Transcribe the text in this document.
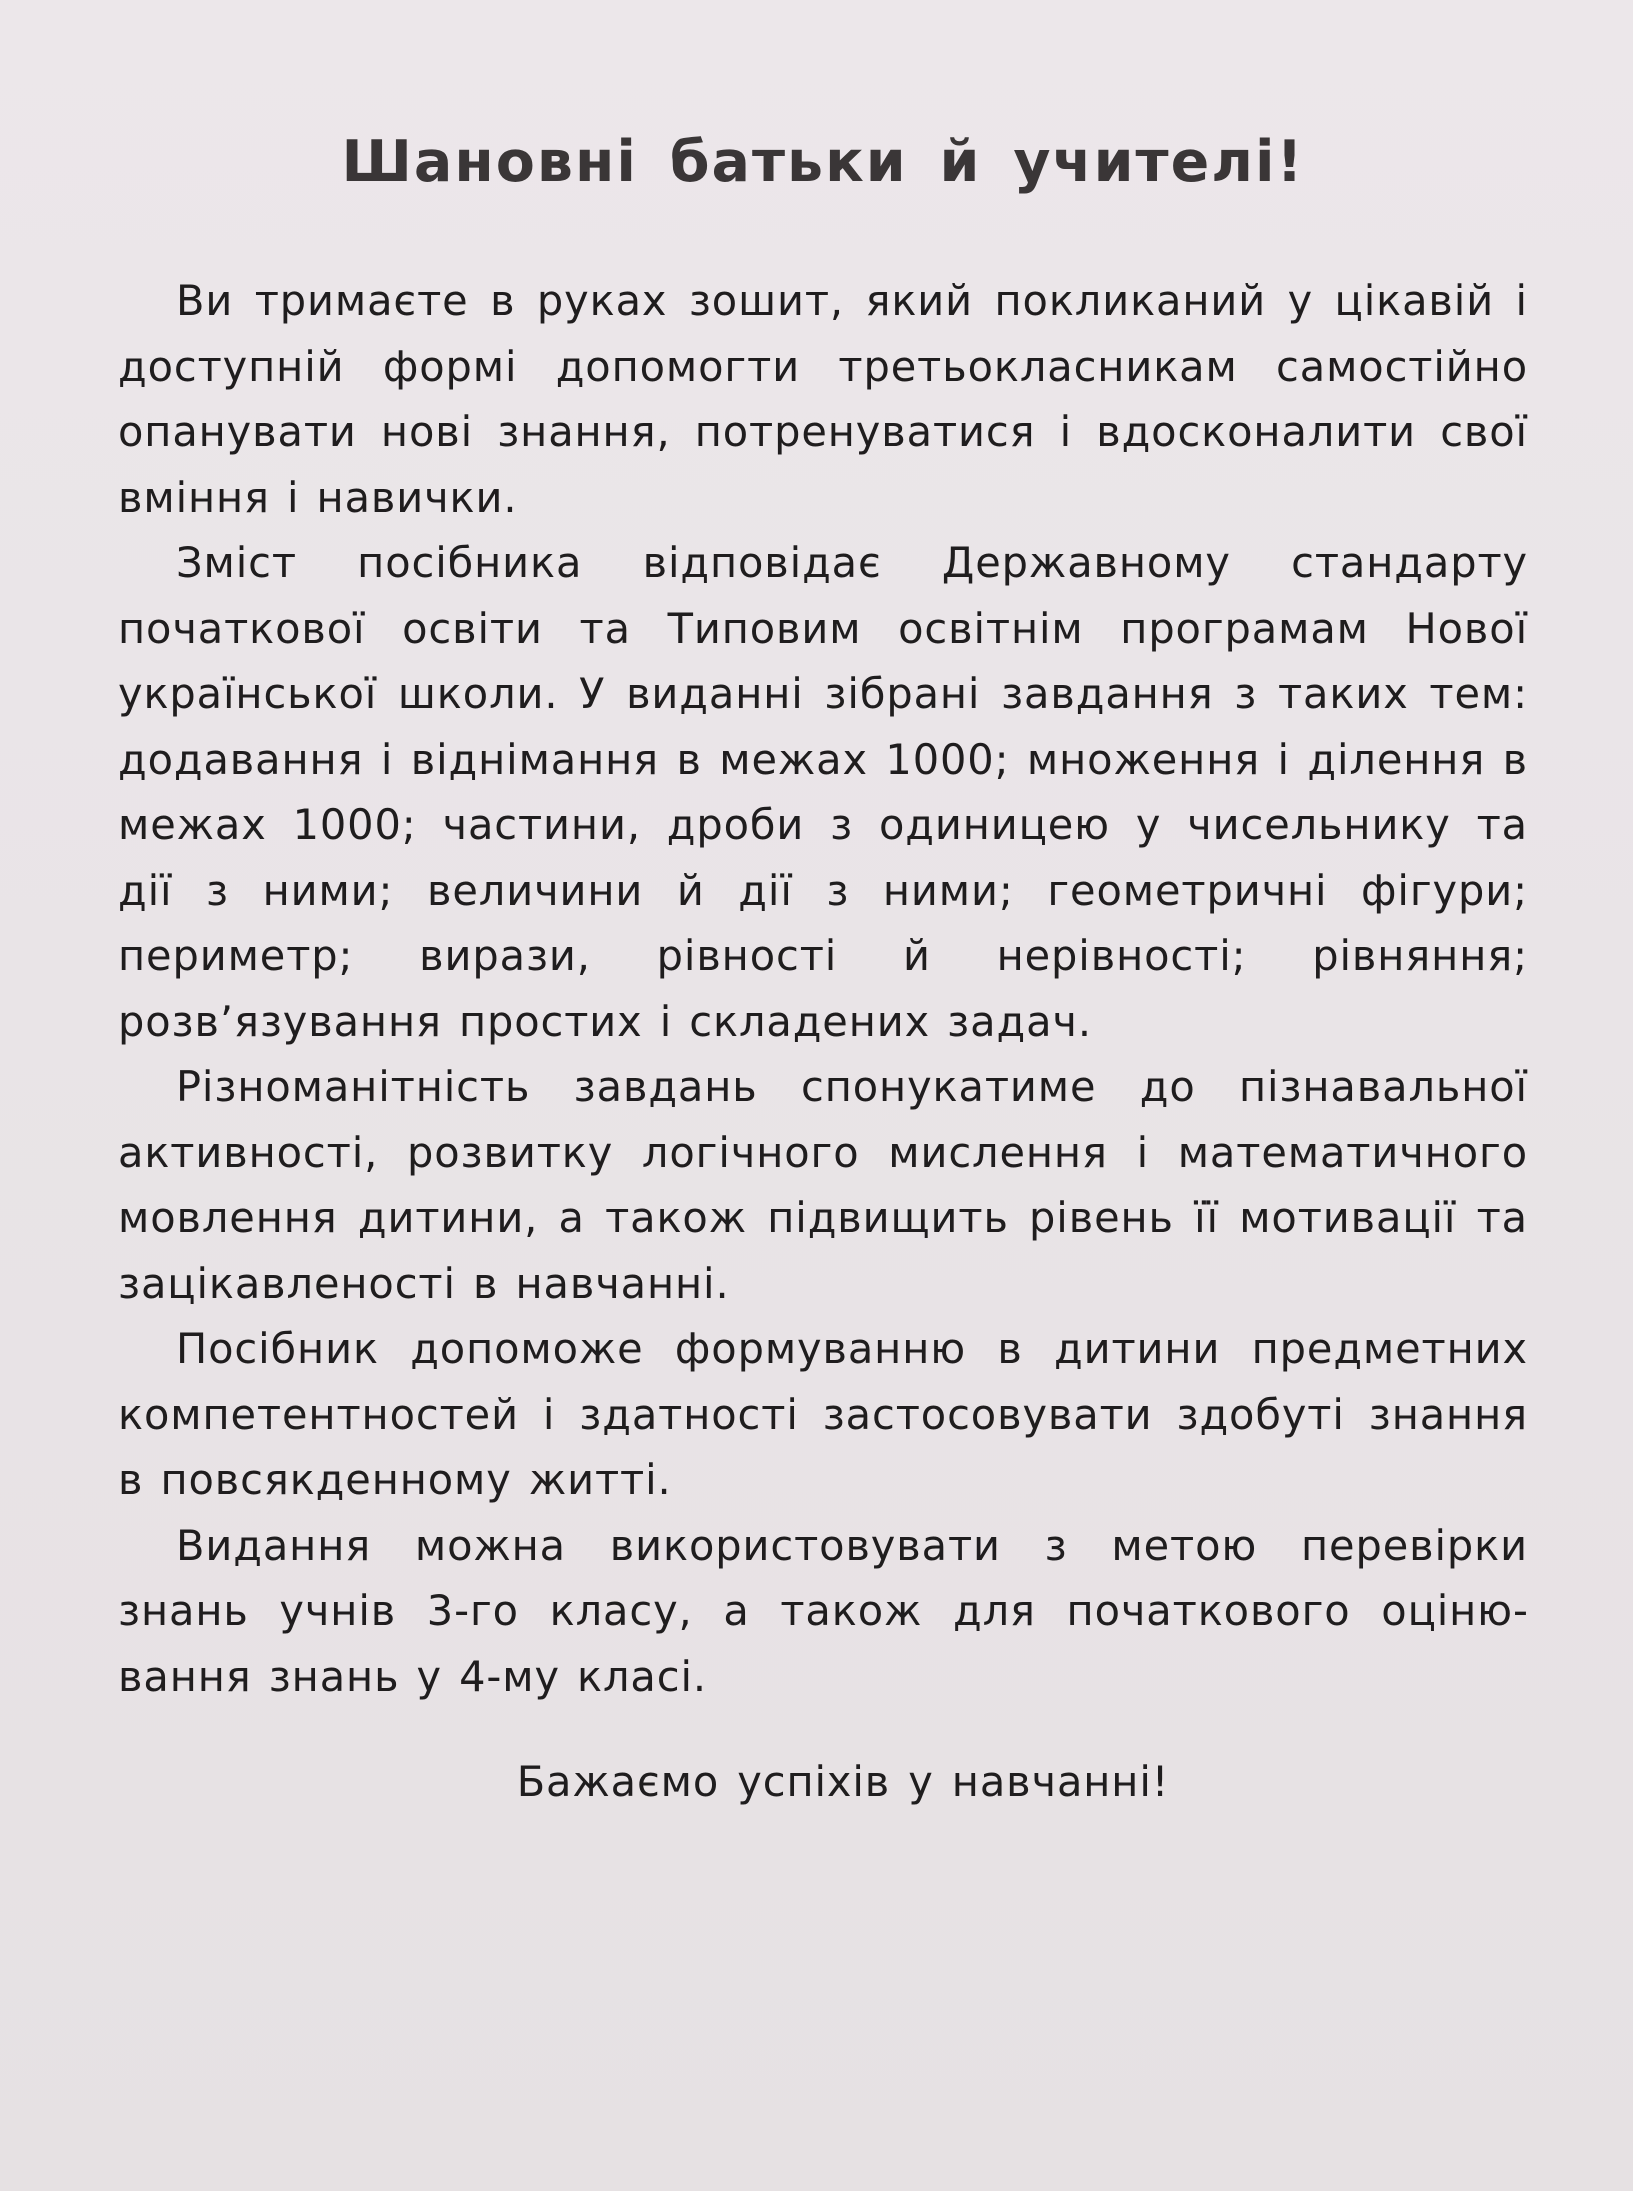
Шановні батьки й учителі!

Ви тримаєте в руках зошит, який покликаний у цікавій і доступній формі допомогти третьокласникам самостійно опанувати нові знання, потренуватися і вдосконалити свої вміння і навички.

Зміст посібника відповідає Державному стандарту початкової освіти та Типовим освітнім програмам Нової української школи. У виданні зібрані завдання з таких тем: додавання і віднімання в межах 1000; множення і ділення в межах 1000; частини, дроби з одиницею у чисельнику та дії з ними; величини й дії з ними; геометричні фігури; периметр; вирази, рівності й нерівності; рівняння; розв’язування простих і складених задач.

Різноманітність завдань спонукатиме до пізнавальної активності, розвитку логічного мислення і математичного мовлення дитини, а також підвищить рівень її мотивації та зацікавленості в навчанні.

Посібник допоможе формуванню в дитини предметних компетентностей і здатності застосовувати здобуті знання в повсякденному житті.

Видання можна використовувати з метою перевірки знань учнів 3-го класу, а також для початкового оцінювання знань у 4-му класі.

Бажаємо успіхів у навчанні!
